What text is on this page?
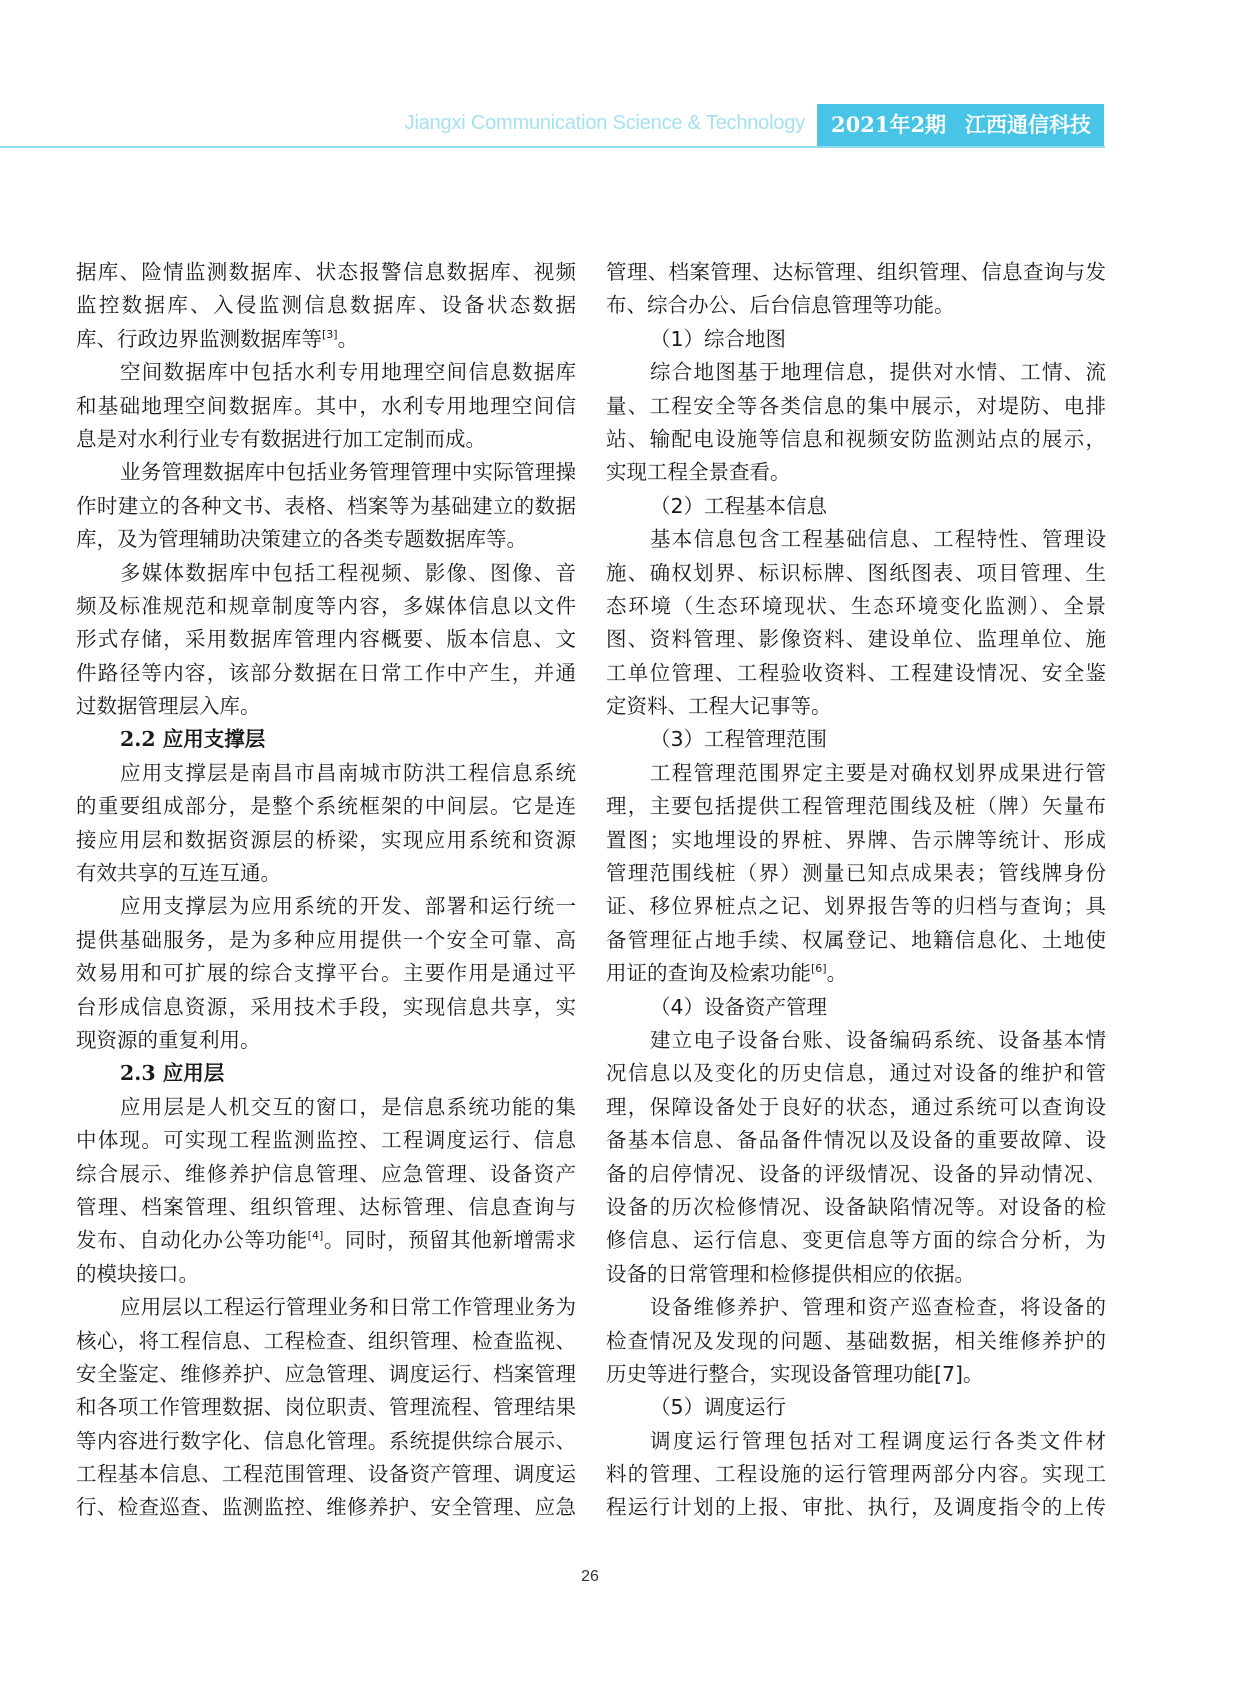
Jiangxi Communication Science & Technology 2021年2期 江西通信科技
据库、险情监测数据库、状态报警信息数据库、视频
监控数据库、入侵监测信息数据库、设备状态数据
库、行政边界监测数据库等[3]。
空间数据库中包括水利专用地理空间信息数据库
和基础地理空间数据库。其中，水利专用地理空间信
息是对水利行业专有数据进行加工定制而成。
业务管理数据库中包括业务管理管理中实际管理操
作时建立的各种文书、表格、档案等为基础建立的数据
库，及为管理辅助决策建立的各类专题数据库等。
多媒体数据库中包括工程视频、影像、图像、音
频及标准规范和规章制度等内容，多媒体信息以文件
形式存储，采用数据库管理内容概要、版本信息、文
件路径等内容，该部分数据在日常工作中产生，并通
过数据管理层入库。
2.2 应用支撑层
应用支撑层是南昌市昌南城市防洪工程信息系统
的重要组成部分，是整个系统框架的中间层。它是连
接应用层和数据资源层的桥梁，实现应用系统和资源
有效共享的互连互通。
应用支撑层为应用系统的开发、部署和运行统一
提供基础服务，是为多种应用提供一个安全可靠、高
效易用和可扩展的综合支撑平台。主要作用是通过平
台形成信息资源，采用技术手段，实现信息共享，实
现资源的重复利用。
2.3 应用层
应用层是人机交互的窗口，是信息系统功能的集
中体现。可实现工程监测监控、工程调度运行、信息
综合展示、维修养护信息管理、应急管理、设备资产
管理、档案管理、组织管理、达标管理、信息查询与
发布、自动化办公等功能[4]。同时，预留其他新增需求
的模块接口。
应用层以工程运行管理业务和日常工作管理业务为
核心，将工程信息、工程检查、组织管理、检查监视、
安全鉴定、维修养护、应急管理、调度运行、档案管理
和各项工作管理数据、岗位职责、管理流程、管理结果
等内容进行数字化、信息化管理。系统提供综合展示、
工程基本信息、工程范围管理、设备资产管理、调度运
行、检查巡查、监测监控、维修养护、安全管理、应急
管理、档案管理、达标管理、组织管理、信息查询与发
布、综合办公、后台信息管理等功能。
（1）综合地图
综合地图基于地理信息，提供对水情、工情、流
量、工程安全等各类信息的集中展示，对堤防、电排
站、输配电设施等信息和视频安防监测站点的展示，
实现工程全景查看。
（2）工程基本信息
基本信息包含工程基础信息、工程特性、管理设
施、确权划界、标识标牌、图纸图表、项目管理、生
态环境（生态环境现状、生态环境变化监测）、全景
图、资料管理、影像资料、建设单位、监理单位、施
工单位管理、工程验收资料、工程建设情况、安全鉴
定资料、工程大记事等。
（3）工程管理范围
工程管理范围界定主要是对确权划界成果进行管
理，主要包括提供工程管理范围线及桩（牌）矢量布
置图；实地埋设的界桩、界牌、告示牌等统计、形成
管理范围线桩（界）测量已知点成果表；管线牌身份
证、移位界桩点之记、划界报告等的归档与查询；具
备管理征占地手续、权属登记、地籍信息化、土地使
用证的查询及检索功能[6]。
（4）设备资产管理
建立电子设备台账、设备编码系统、设备基本情
况信息以及变化的历史信息，通过对设备的维护和管
理，保障设备处于良好的状态，通过系统可以查询设
备基本信息、备品备件情况以及设备的重要故障、设
备的启停情况、设备的评级情况、设备的异动情况、
设备的历次检修情况、设备缺陷情况等。对设备的检
修信息、运行信息、变更信息等方面的综合分析，为
设备的日常管理和检修提供相应的依据。
设备维修养护、管理和资产巡查检查，将设备的
检查情况及发现的问题、基础数据，相关维修养护的
历史等进行整合，实现设备管理功能[7]。
（5）调度运行
调度运行管理包括对工程调度运行各类文件材
料的管理、工程设施的运行管理两部分内容。实现工
程运行计划的上报、审批、执行，及调度指令的上传
26
